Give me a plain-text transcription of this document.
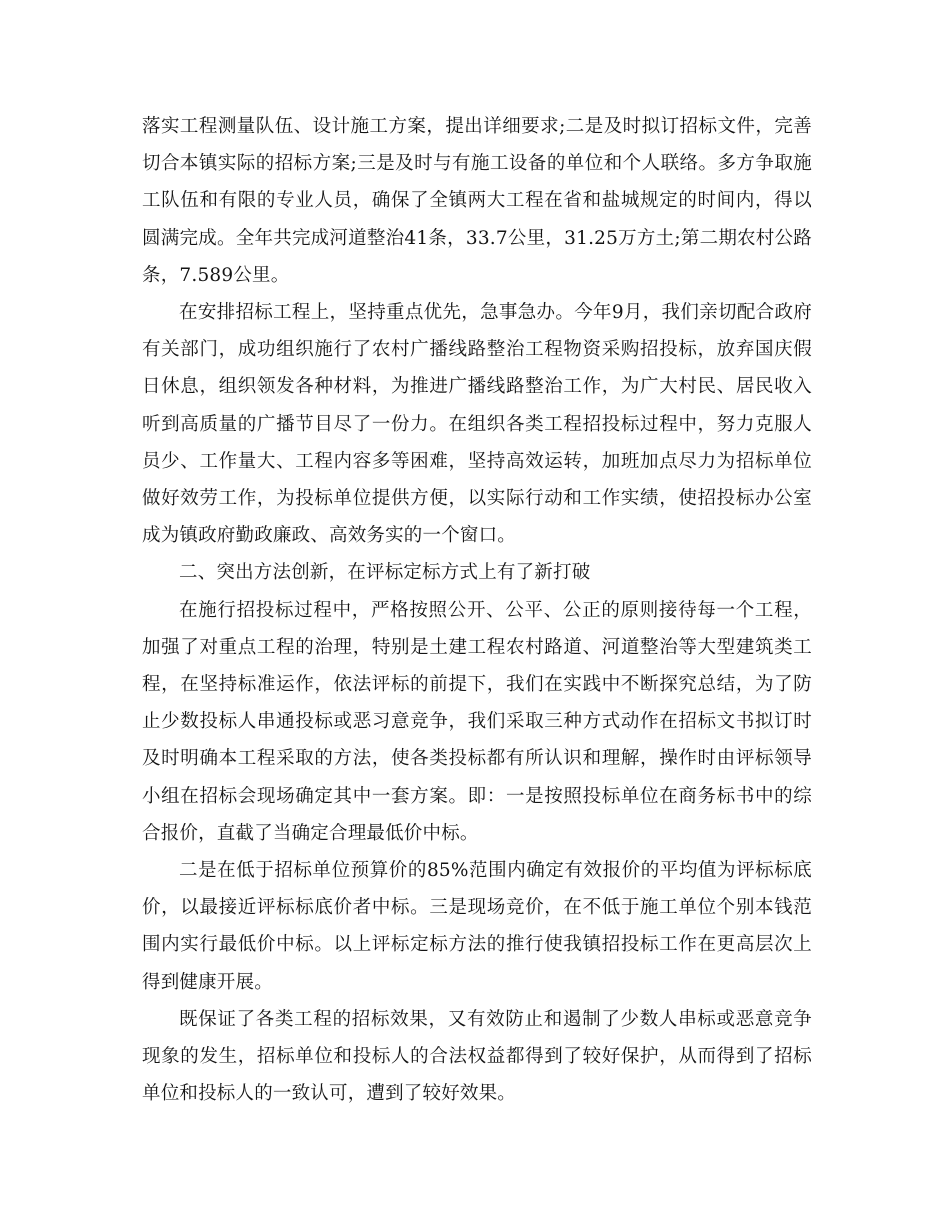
落实工程测量队伍、设计施工方案，提出详细要求;二是及时拟订招标文件，完善切合本镇实际的招标方案;三是及时与有施工设备的单位和个人联络。多方争取施工队伍和有限的专业人员，确保了全镇两大工程在省和盐城规定的时间内，得以圆满完成。全年共完成河道整治41条，33.7公里，31.25万方土;第二期农村公路条，7.589公里。

在安排招标工程上，坚持重点优先，急事急办。今年9月，我们亲切配合政府有关部门，成功组织施行了农村广播线路整治工程物资采购招投标，放弃国庆假日休息，组织领发各种材料，为推进广播线路整治工作，为广大村民、居民收入听到高质量的广播节目尽了一份力。在组织各类工程招投标过程中，努力克服人员少、工作量大、工程内容多等困难，坚持高效运转，加班加点尽力为招标单位做好效劳工作，为投标单位提供方便，以实际行动和工作实绩，使招投标办公室成为镇政府勤政廉政、高效务实的一个窗口。

二、突出方法创新，在评标定标方式上有了新打破

在施行招投标过程中，严格按照公开、公平、公正的原则接待每一个工程，加强了对重点工程的治理，特别是土建工程农村路道、河道整治等大型建筑类工程，在坚持标准运作，依法评标的前提下，我们在实践中不断探究总结，为了防止少数投标人串通投标或恶习意竞争，我们采取三种方式动作在招标文书拟订时及时明确本工程采取的方法，使各类投标都有所认识和理解，操作时由评标领导小组在招标会现场确定其中一套方案。即：一是按照投标单位在商务标书中的综合报价，直截了当确定合理最低价中标。

二是在低于招标单位预算价的85%范围内确定有效报价的平均值为评标标底价，以最接近评标标底价者中标。三是现场竞价，在不低于施工单位个别本钱范围内实行最低价中标。以上评标定标方法的推行使我镇招投标工作在更高层次上得到健康开展。

既保证了各类工程的招标效果，又有效防止和遏制了少数人串标或恶意竞争现象的发生，招标单位和投标人的合法权益都得到了较好保护，从而得到了招标单位和投标人的一致认可，遭到了较好效果。
